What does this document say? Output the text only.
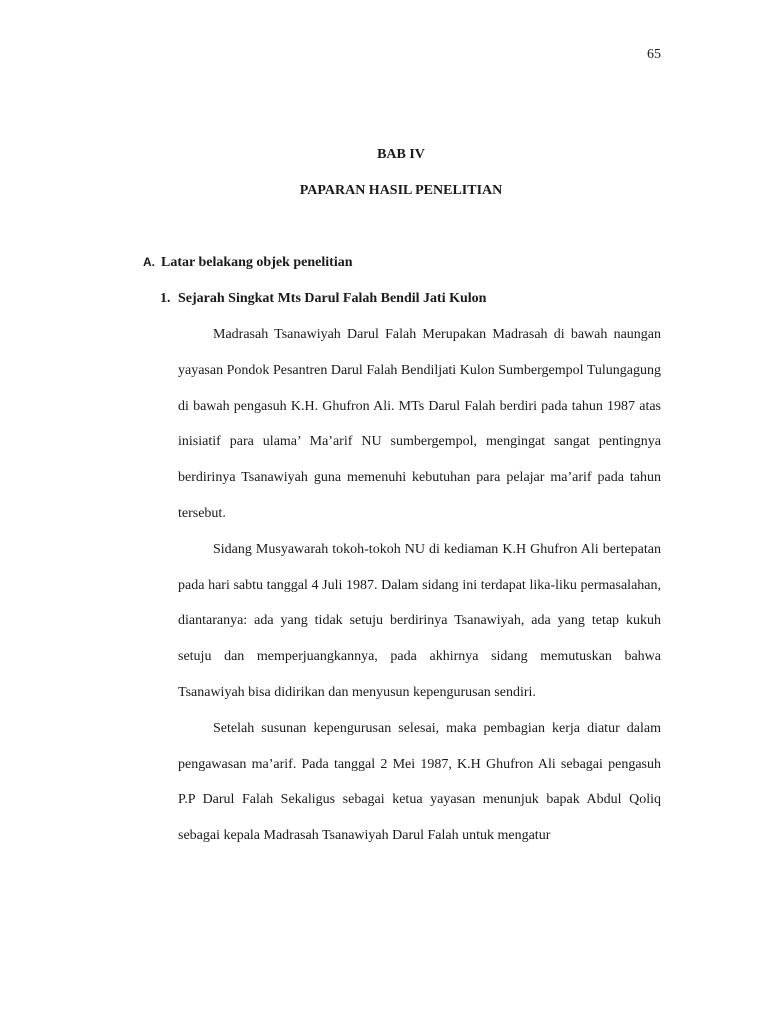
65
BAB IV
PAPARAN HASIL PENELITIAN
A. Latar belakang objek penelitian
1. Sejarah Singkat Mts Darul Falah Bendil Jati Kulon

Madrasah Tsanawiyah Darul Falah Merupakan Madrasah di bawah naungan yayasan Pondok Pesantren Darul Falah Bendiljati Kulon Sumbergempol Tulungagung di bawah pengasuh K.H. Ghufron Ali. MTs Darul Falah berdiri pada tahun 1987 atas inisiatif para ulama’ Ma’arif NU sumbergempol, mengingat sangat pentingnya berdirinya Tsanawiyah guna memenuhi kebutuhan para pelajar ma’arif pada tahun tersebut.

Sidang Musyawarah tokoh-tokoh NU di kediaman K.H Ghufron Ali bertepatan pada hari sabtu tanggal 4 Juli 1987. Dalam sidang ini terdapat lika-liku permasalahan, diantaranya: ada yang tidak setuju berdirinya Tsanawiyah, ada yang tetap kukuh setuju dan memperjuangkannya, pada akhirnya sidang memutuskan bahwa Tsanawiyah bisa didirikan dan menyusun kepengurusan sendiri.

Setelah susunan kepengurusan selesai, maka pembagian kerja diatur dalam pengawasan ma’arif. Pada tanggal 2 Mei 1987, K.H Ghufron Ali sebagai pengasuh P.P Darul Falah Sekaligus sebagai ketua yayasan menunjuk bapak Abdul Qoliq sebagai kepala Madrasah Tsanawiyah Darul Falah untuk mengatur
